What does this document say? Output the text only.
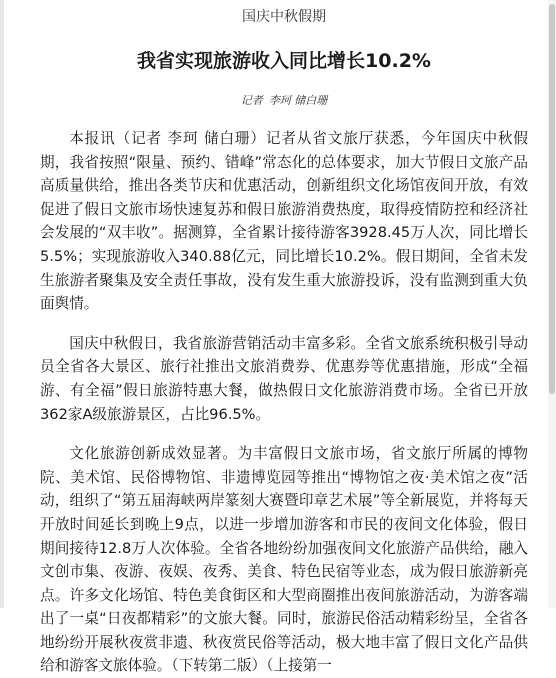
国庆中秋假期
我省实现旅游收入同比增长10.2%
记者 李珂 储白珊

本报讯（记者 李珂 储白珊）记者从省文旅厅获悉，今年国庆中秋假期，我省按照“限量、预约、错峰”常态化的总体要求，加大节假日文旅产品高质量供给，推出各类节庆和优惠活动，创新组织文化场馆夜间开放，有效促进了假日文旅市场快速复苏和假日旅游消费热度，取得疫情防控和经济社会发展的“双丰收”。据测算，全省累计接待游客3928.45万人次，同比增长5.5%；实现旅游收入340.88亿元，同比增长10.2%。假日期间，全省未发生旅游者聚集及安全责任事故，没有发生重大旅游投诉，没有监测到重大负面舆情。

国庆中秋假日，我省旅游营销活动丰富多彩。全省文旅系统积极引导动员全省各大景区、旅行社推出文旅消费券、优惠券等优惠措施，形成“全福游、有全福”假日旅游特惠大餐，做热假日文化旅游消费市场。全省已开放362家A级旅游景区，占比96.5%。

文化旅游创新成效显著。为丰富假日文旅市场，省文旅厅所属的博物院、美术馆、民俗博物馆、非遗博览园等推出“博物馆之夜·美术馆之夜”活动，组织了“第五届海峡两岸篆刻大赛暨印章艺术展”等全新展览，并将每天开放时间延长到晚上9点，以进一步增加游客和市民的夜间文化体验，假日期间接待12.8万人次体验。全省各地纷纷加强夜间文化旅游产品供给，融入文创市集、夜游、夜娱、夜秀、美食、特色民宿等业态，成为假日旅游新亮点。许多文化场馆、特色美食街区和大型商圈推出夜间旅游活动，为游客端出了一桌“日夜都精彩”的文旅大餐。同时，旅游民俗活动精彩纷呈，全省各地纷纷开展秋夜赏非遗、秋夜赏民俗等活动，极大地丰富了假日文化产品供给和游客文旅体验。（下转第二版）（上接第一
